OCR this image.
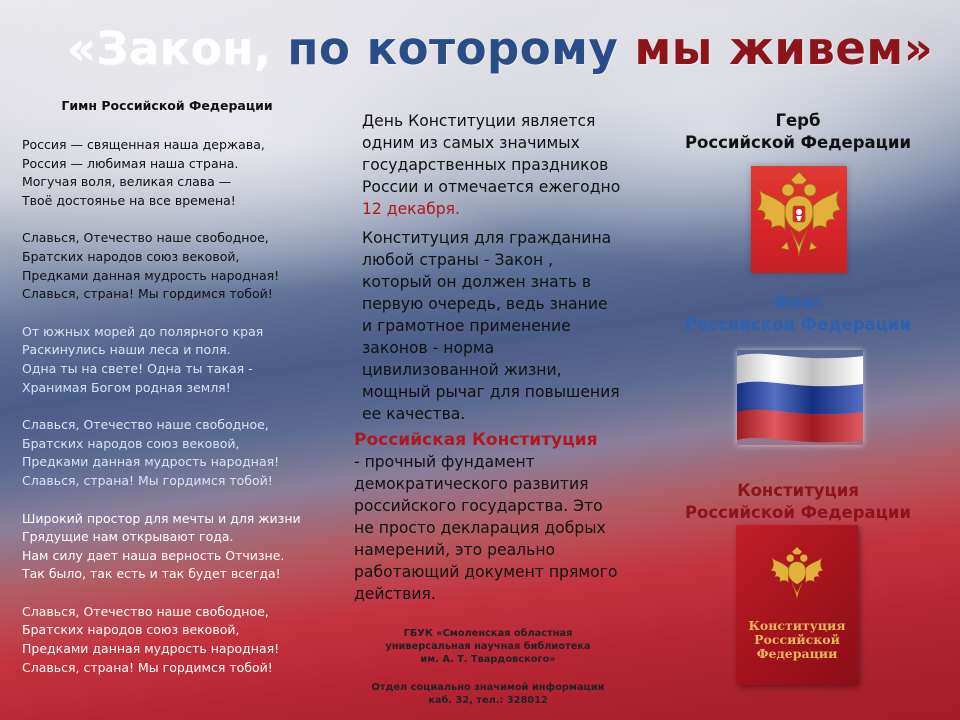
«Закон, по которому мы живем»
Гимн Российской Федерации
Россия — священная наша держава,
Россия — любимая наша страна.
Могучая воля, великая слава —
Твоё достоянье на все времена!
Славься, Отечество наше свободное,
Братских народов союз вековой,
Предками данная мудрость народная!
Славься, страна! Мы гордимся тобой!
От южных морей до полярного края
Раскинулись наши леса и поля.
Одна ты на свете! Одна ты такая -
Хранимая Богом родная земля!
Славься, Отечество наше свободное,
Братских народов союз вековой,
Предками данная мудрость народная!
Славься, страна! Мы гордимся тобой!
Широкий простор для мечты и для жизни
Грядущие нам открывают года.
Нам силу дает наша верность Отчизне.
Так было, так есть и так будет всегда!
Славься, Отечество наше свободное,
Братских народов союз вековой,
Предками данная мудрость народная!
Славься, страна! Мы гордимся тобой!

День Конституции является одним из самых значимых государственных праздников России и отмечается ежегодно 12 декабря.

Конституция для гражданина любой страны - Закон , который он должен знать в первую очередь, ведь знание и грамотное применение законов - норма цивилизованной жизни, мощный рычаг для повышения ее качества.

Российская Конституция
- прочный фундамент демократического развития российского государства. Это не просто декларация добрых намерений, это реально работающий документ прямого действия.

ГБУК «Смоленская областная
универсальная научная библиотека
им. А. Т. Твардовского»
Отдел социально значимой информации
каб. 32, тел.: 328012
Герб
Российской Федерации
Флаг
Российской Федерации
Конституция
Российской Федерации
Конституция
Российской
Федерации
